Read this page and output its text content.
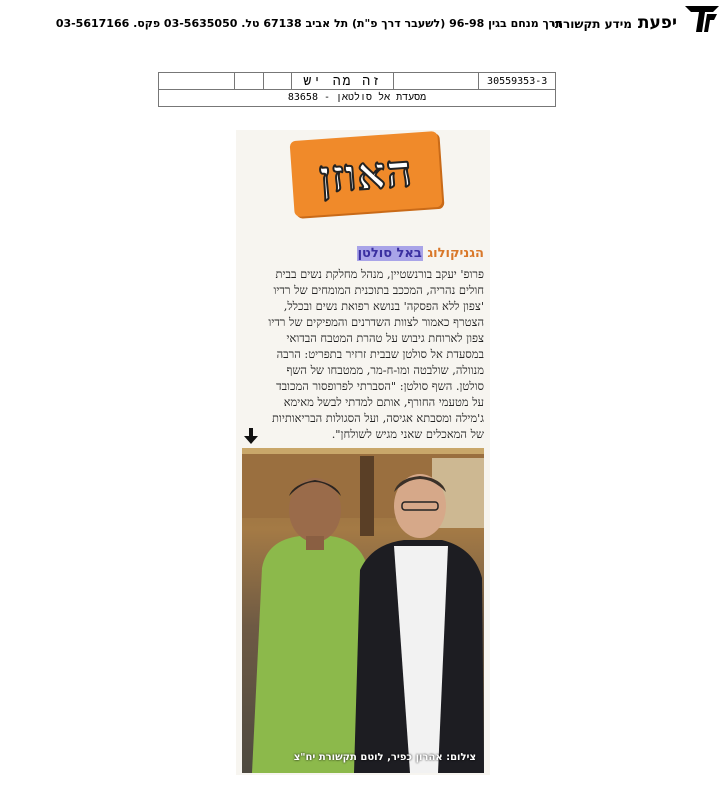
יפעת מידע תקשורתי
דרך מנחם בגין 96-98 (לשעבר דרך פ"ת) תל אביב 67138 טל. 03-5635050 פקס. 03-5617166
			זה מה יש		30559353-3
מסעדת אל סולטאן - 83658
האוזן
הגניקולוג באל סולטן
פרופ' יעקב בורנשטיין, מנהל מחלקת נשים בבית
חולים נהריה, המככב בתוכנית המומחים של רדיו
'צפון ללא הפסקה' בנושא רפואת נשים ובכלל,
הצטרף כאמור לצוות השדרנים והמפיקים של רדיו
צפון לארוחת גיבוש על טהרת המטבח הבדואי
במסעדת אל סולטן שבבית זרזיר בתפריט: הרבה
מנוולה, שולבטה ומו-ח-מר, ממטבחו של השף
סולטן. השף סולטן: "הסברתי לפרופסור המכובד
על מטעמי החורף, אותם למדתי לבשל מאימא
ג'מילה ומסבתא אגיסה, ועל הסגולות הבריאותיות
של המאכלים שאני מגיש לשולחן".
צילום: אהרון כפיר, לוטם תקשורת יח"צ
